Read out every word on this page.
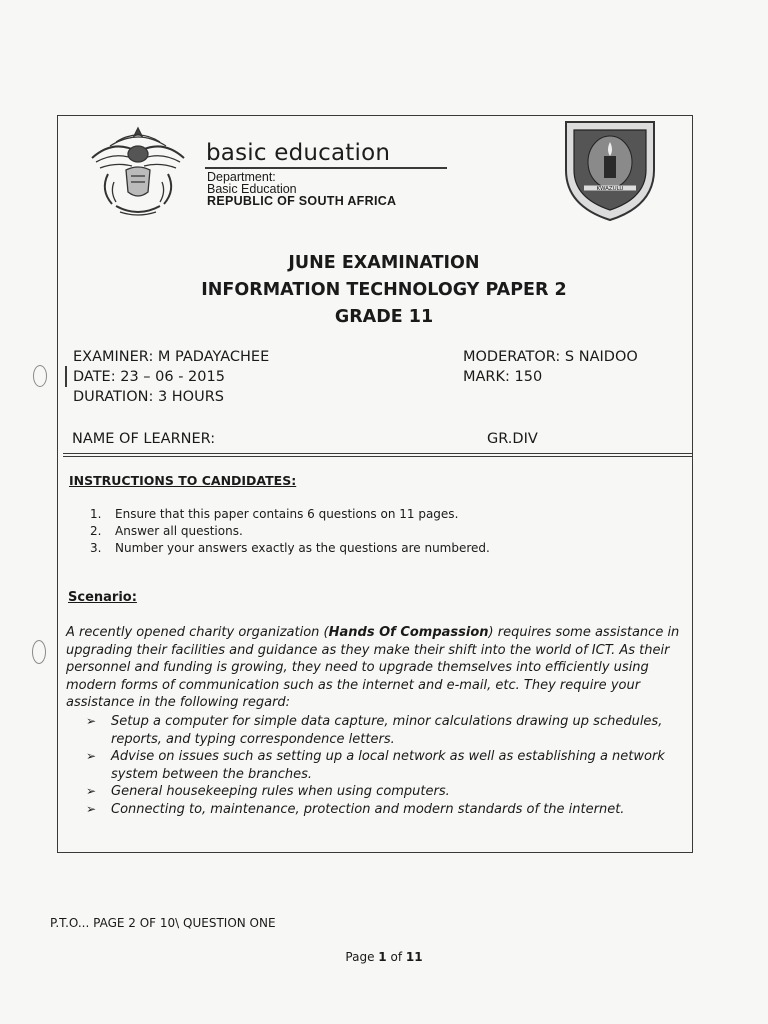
KWAZULU
basic education
Department:
Basic Education
REPUBLIC OF SOUTH AFRICA
JUNE EXAMINATION
INFORMATION TECHNOLOGY PAPER 2
GRADE 11
EXAMINER: M PADAYACHEE
DATE: 23 – 06 - 2015
DURATION: 3 HOURS
MODERATOR: S NAIDOO
MARK: 150
NAME OF LEARNER:	GR.DIV
INSTRUCTIONS TO CANDIDATES:
1. Ensure that this paper contains 6 questions on 11 pages.
2. Answer all questions.
3. Number your answers exactly as the questions are numbered.
Scenario:

A recently opened charity organization (Hands Of Compassion) requires some assistance in upgrading their facilities and guidance as they make their shift into the world of ICT. As their personnel and funding is growing, they need to upgrade themselves into efficiently using modern forms of communication such as the internet and e-mail, etc. They require your assistance in the following regard:

➢ Setup a computer for simple data capture, minor calculations drawing up schedules, reports, and typing correspondence letters.
➢ Advise on issues such as setting up a local network as well as establishing a network system between the branches.
➢ General housekeeping rules when using computers.
➢ Connecting to, maintenance, protection and modern standards of the internet.
P.T.O... PAGE 2 OF 10\ QUESTION ONE
Page 1 of 11
